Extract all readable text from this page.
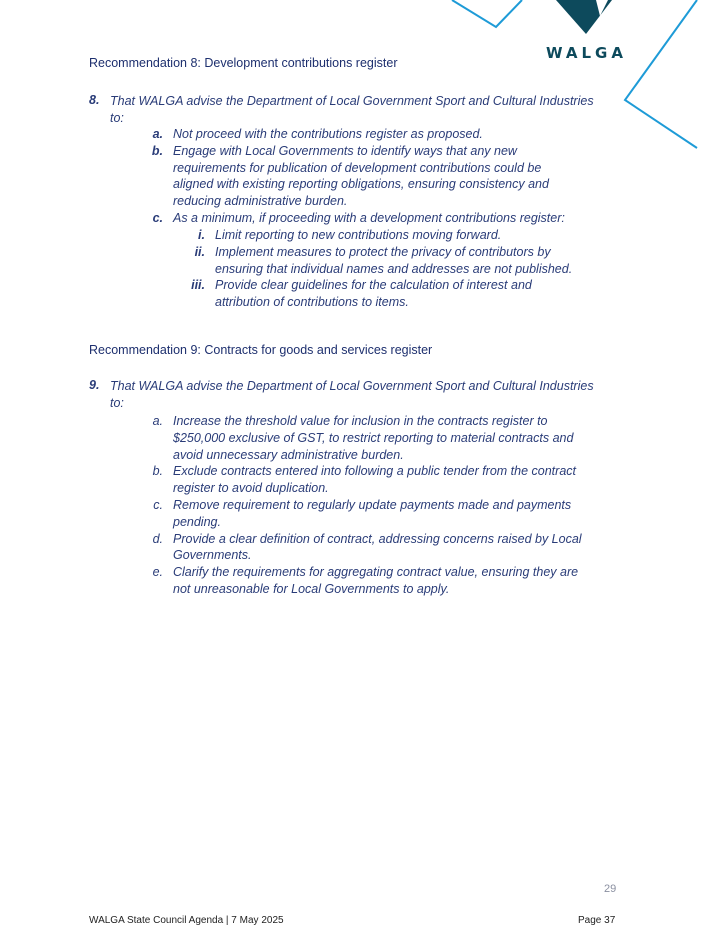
WALGA
Recommendation 8: Development contributions register
8. That WALGA advise the Department of Local Government Sport and Cultural Industries
to:
a. Not proceed with the contributions register as proposed.
b. Engage with Local Governments to identify ways that any new
requirements for publication of development contributions could be
aligned with existing reporting obligations, ensuring consistency and
reducing administrative burden.
c. As a minimum, if proceeding with a development contributions register:
i. Limit reporting to new contributions moving forward.
ii. Implement measures to protect the privacy of contributors by
ensuring that individual names and addresses are not published.
iii. Provide clear guidelines for the calculation of interest and
attribution of contributions to items.
Recommendation 9: Contracts for goods and services register
9. That WALGA advise the Department of Local Government Sport and Cultural Industries
to:
a. Increase the threshold value for inclusion in the contracts register to
$250,000 exclusive of GST, to restrict reporting to material contracts and
avoid unnecessary administrative burden.
b. Exclude contracts entered into following a public tender from the contract
register to avoid duplication.
c. Remove requirement to regularly update payments made and payments
pending.
d. Provide a clear definition of contract, addressing concerns raised by Local
Governments.
e. Clarify the requirements for aggregating contract value, ensuring they are
not unreasonable for Local Governments to apply.
29
WALGA State Council Agenda | 7 May 2025	Page 37
